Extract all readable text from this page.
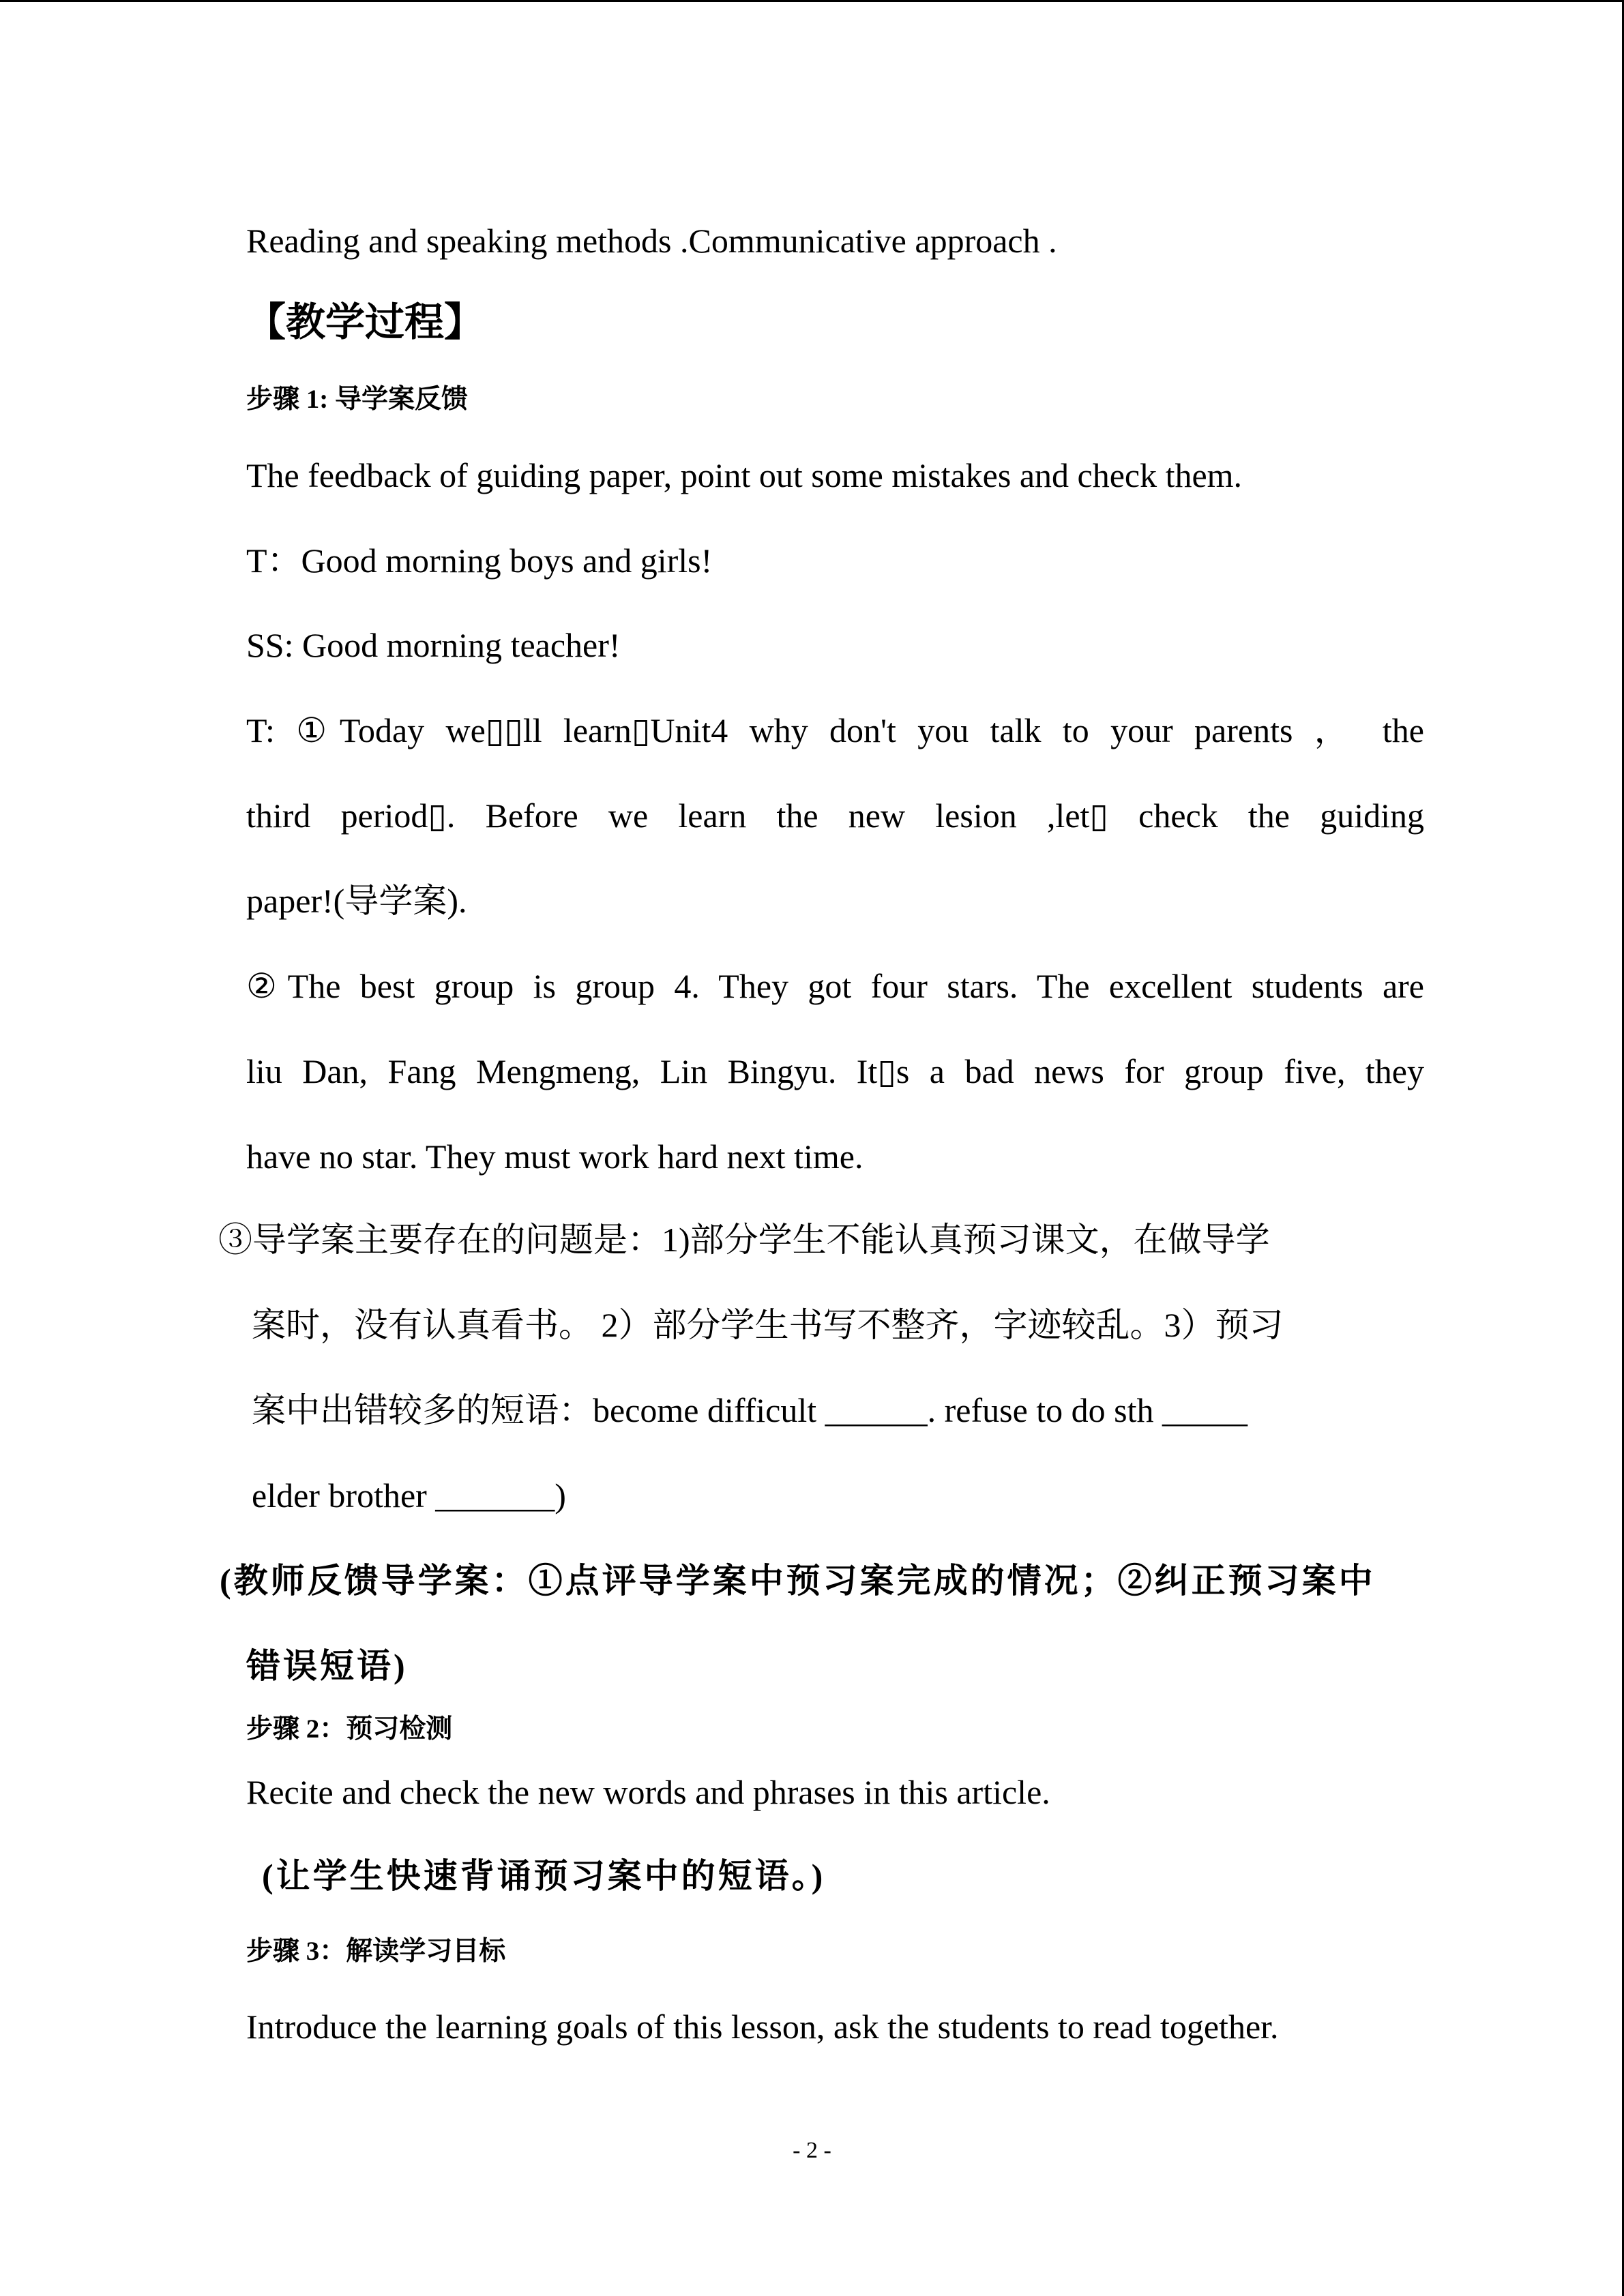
Reading and speaking methods .Communicative approach .
【教学过程】
步骤 1: 导学案反馈
The feedback of guiding paper, point out some mistakes and check them.
T：Good morning boys and girls!
SS: Good morning teacher!
T: ①Today we▯▯ll learn▯Unit4 why don't you talk to your parents ， the
third period▯. Before we learn the new lesion ,let▯ check the guiding
paper!(导学案).
②The best group is group 4. They got four stars. The excellent students are
liu Dan, Fang Mengmeng, Lin Bingyu. It▯s a bad news for group five, they
have no star. They must work hard next time.
③导学案主要存在的问题是：1)部分学生不能认真预习课文，在做导学
案时，没有认真看书。 2）部分学生书写不整齐，字迹较乱。3）预习
案中出错较多的短语：become difficult ______. refuse to do sth _____
elder brother _______)
(教师反馈导学案：①点评导学案中预习案完成的情况；②纠正预习案中
错误短语)
步骤 2：预习检测
Recite and check the new words and phrases in this article.
(让学生快速背诵预习案中的短语。)
步骤 3：解读学习目标
Introduce the learning goals of this lesson, ask the students to read together.
- 2 -
